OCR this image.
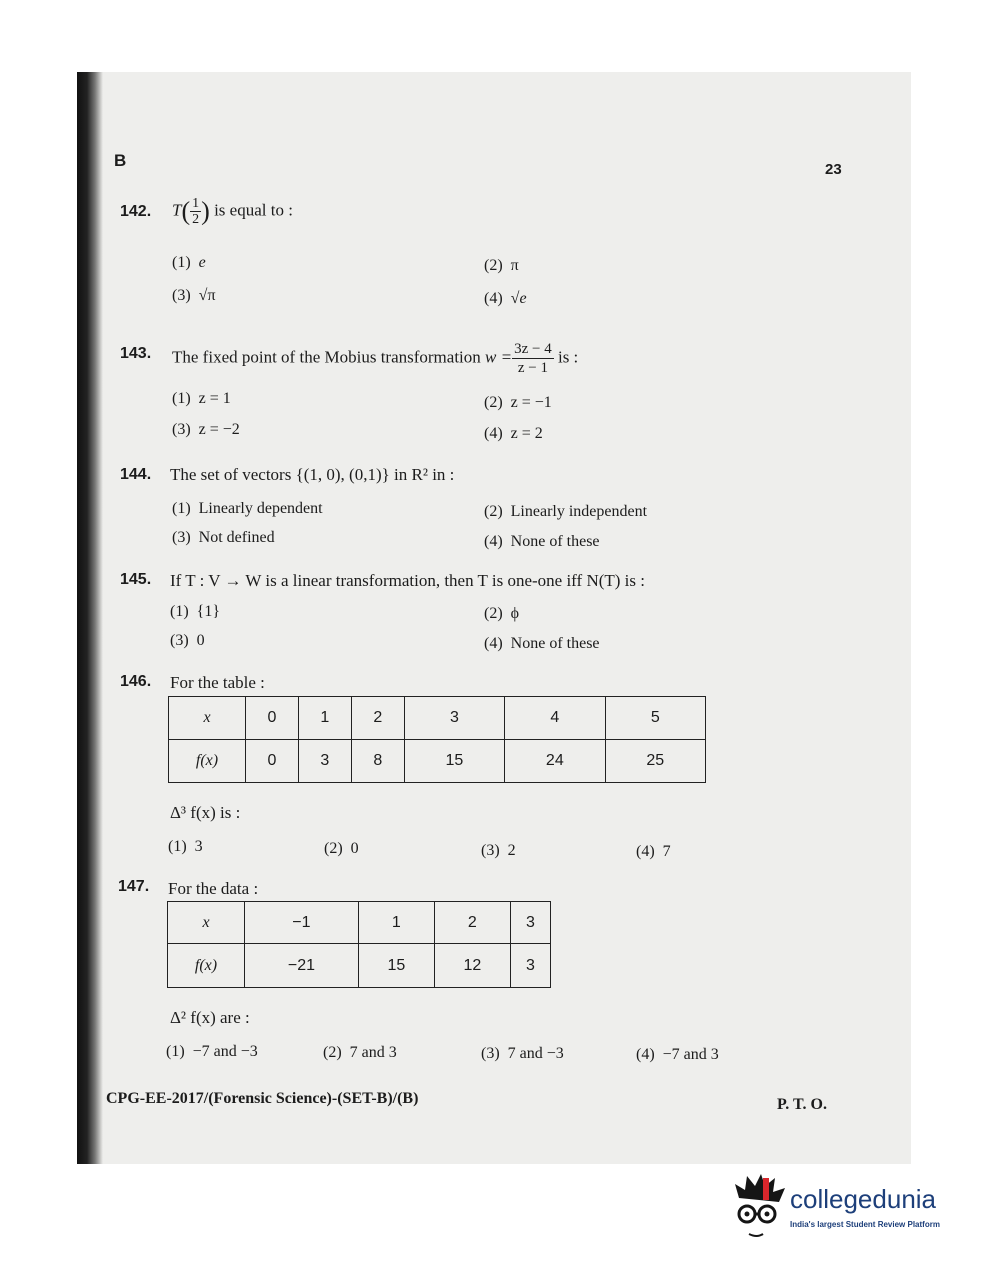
B	23
142. $T( \frac{1}{2}$ ) is equal to :
(1) e	(2) π
(3) √π	(4) √e
143. The fixed point of the Mobius transformation $w = \frac{3z - 4}{z - 1}$ is :
(1) z = 1	(2) z = −1
(3) z = −2	(4) z = 2
144. The set of vectors {(1, 0), (0,1)} in R² in :
(1) Linearly dependent	(2) Linearly independent
(3) Not defined	(4) None of these
145. If T : V → W is a linear transformation, then T is one-one iff N(T) is :
(1) {1}	(2) ϕ
(3) 0	(4) None of these
146. For the table :
x	0	1	2	3	4	5
f(x)	0	3	8	15	24	25
Δ³ f(x) is :
(1) 3	(2) 0	(3) 2	(4) 7
147. For the data :
x	−1	1	2	3
f(x)	−21	15	12	3
Δ² f(x) are :
(1) −7 and −3	(2) 7 and 3	(3) 7 and −3	(4) −7 and 3
CPG-EE-2017/(Forensic Science)-(SET-B)/(B)	P. T. O.
collegedunia
India's largest Student Review Platform
